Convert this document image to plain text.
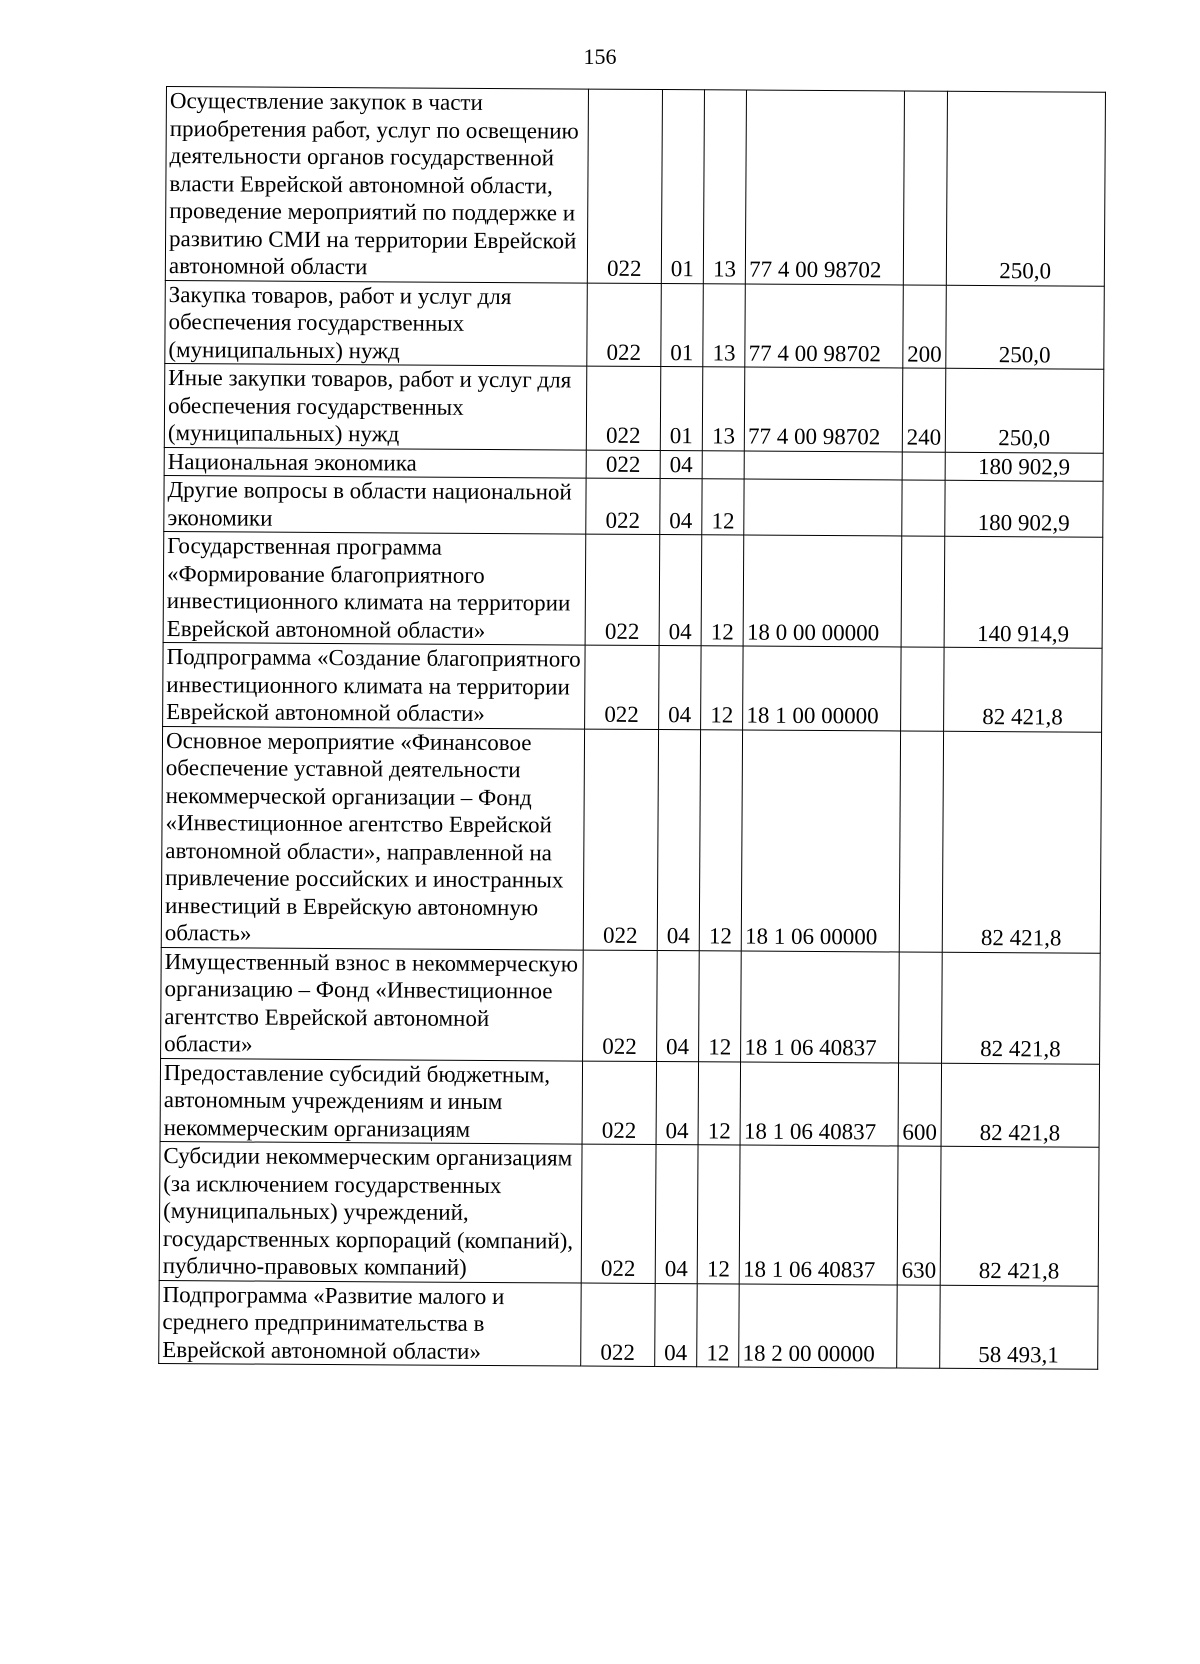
156
Осуществление закупок в части приобретения работ, услуг по освещению деятельности органов государственной власти Еврейской автономной области, проведение мероприятий по поддержке и развитию СМИ на территории Еврейской автономной области	022	01	13	77 4 00 98702		250,0
Закупка товаров, работ и услуг для обеспечения государственных (муниципальных) нужд	022	01	13	77 4 00 98702	200	250,0
Иные закупки товаров, работ и услуг для обеспечения государственных (муниципальных) нужд	022	01	13	77 4 00 98702	240	250,0
Национальная экономика	022	04				180 902,9
Другие вопросы в области национальной экономики	022	04	12			180 902,9
Государственная программа «Формирование благоприятного инвестиционного климата на территории Еврейской автономной области»	022	04	12	18 0 00 00000		140 914,9
Подпрограмма «Создание благоприятного инвестиционного климата на территории Еврейской автономной области»	022	04	12	18 1 00 00000		82 421,8
Основное мероприятие «Финансовое обеспечение уставной деятельности некоммерческой организации – Фонд «Инвестиционное агентство Еврейской автономной области», направленной на привлечение российских и иностранных инвестиций в Еврейскую автономную область»	022	04	12	18 1 06 00000		82 421,8
Имущественный взнос в некоммерческую организацию – Фонд «Инвестиционное агентство Еврейской автономной области»	022	04	12	18 1 06 40837		82 421,8
Предоставление субсидий бюджетным, автономным учреждениям и иным некоммерческим организациям	022	04	12	18 1 06 40837	600	82 421,8
Субсидии некоммерческим организациям (за исключением государственных (муниципальных) учреждений, государственных корпораций (компаний), публично-правовых компаний)	022	04	12	18 1 06 40837	630	82 421,8
Подпрограмма «Развитие малого и среднего предпринимательства в Еврейской автономной области»	022	04	12	18 2 00 00000		58 493,1
